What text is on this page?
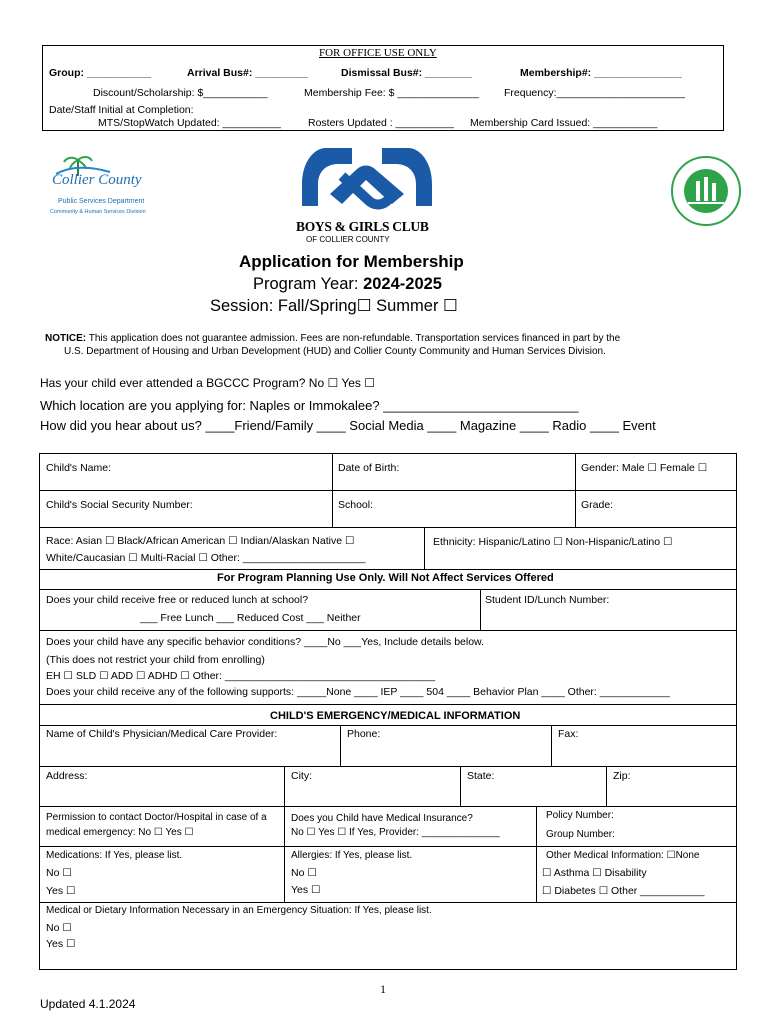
FOR OFFICE USE ONLY
Group: ___________	Arrival Bus#: _________	Dismissal Bus#: ________	Membership#: _______________
Discount/Scholarship: $___________	Membership Fee: $ ______________ Frequency:______________________
Date/Staff Initial at Completion:
MTS/StopWatch Updated: __________	Rosters Updated : __________ Membership Card Issued: ___________
Collier County
Public Services Department
Community & Human Services Division
BOYS & GIRLS CLUB
OF COLLIER COUNTY
Application for Membership
Program Year: 2024-2025
Session: Fall/Spring☐ Summer ☐
NOTICE: This application does not guarantee admission. Fees are non-refundable. Transportation services financed in part by the
U.S. Department of Housing and Urban Development (HUD) and Collier County Community and Human Services Division.
Has your child ever attended a BGCCC Program? No ☐ Yes ☐
Which location are you applying for: Naples or Immokalee? ___________________________
How did you hear about us? ____Friend/Family ____ Social Media ____ Magazine ____ Radio ____ Event
Child's Name:	Date of Birth:	Gender: Male ☐ Female ☐
Child's Social Security Number:	School:	Grade:
Race: Asian ☐ Black/African American ☐ Indian/Alaskan Native ☐
White/Caucasian ☐ Multi-Racial ☐ Other: _____________________
Ethnicity: Hispanic/Latino ☐ Non-Hispanic/Latino ☐
For Program Planning Use Only. Will Not Affect Services Offered
Does your child receive free or reduced lunch at school?
___ Free Lunch ___ Reduced Cost ___ Neither
Student ID/Lunch Number:
Does your child have any specific behavior conditions? ____No ___Yes, Include details below.
(This does not restrict your child from enrolling)
EH ☐ SLD ☐ ADD ☐ ADHD ☐ Other: ____________________________________
Does your child receive any of the following supports: _____None ____ IEP ____ 504 ____ Behavior Plan ____ Other: ____________
CHILD'S EMERGENCY/MEDICAL INFORMATION
Name of Child's Physician/Medical Care Provider:	Phone:	Fax:
Address:	City:	State:	Zip:
Permission to contact Doctor/Hospital in case of a
medical emergency: No ☐ Yes ☐
Does you Child have Medical Insurance?
No ☐ Yes ☐ If Yes, Provider: ______________
Policy Number:
Group Number:
Medications: If Yes, please list.
No ☐
Yes ☐
Allergies: If Yes, please list.
No ☐
Yes ☐
Other Medical Information: ☐None
☐ Asthma ☐ Disability
☐ Diabetes ☐ Other ___________
Medical or Dietary Information Necessary in an Emergency Situation: If Yes, please list.
No ☐
Yes ☐
1
Updated 4.1.2024
